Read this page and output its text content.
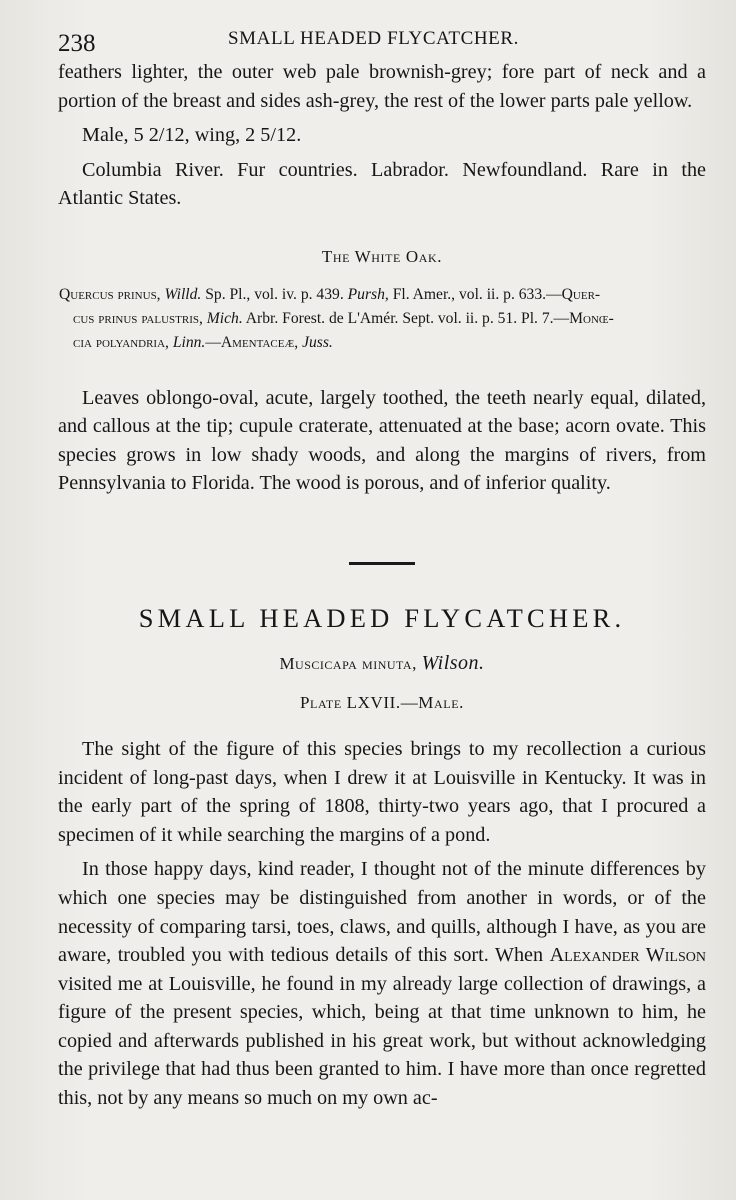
238	SMALL HEADED FLYCATCHER.

feathers lighter, the outer web pale brownish-grey; fore part of neck and a portion of the breast and sides ash-grey, the rest of the lower parts pale yellow.

Male, 5 2/12, wing, 2 5/12.

Columbia River. Fur countries. Labrador. Newfoundland. Rare in the Atlantic States.

The White Oak.
Quercus prinus, Willd. Sp. Pl., vol. iv. p. 439. Pursh, Fl. Amer., vol. ii. p. 633.—Quer-
cus prinus palustris, Mich. Arbr. Forest. de L'Amér. Sept. vol. ii. p. 51. Pl. 7.—Monœ-
cia polyandria, Linn.—Amentaceæ, Juss.

Leaves oblongo-oval, acute, largely toothed, the teeth nearly equal, dilated, and callous at the tip; cupule craterate, attenuated at the base; acorn ovate. This species grows in low shady woods, and along the margins of rivers, from Pennsylvania to Florida. The wood is porous, and of inferior quality.

SMALL HEADED FLYCATCHER.
Muscicapa minuta, Wilson.
Plate LXVII.—Male.

The sight of the figure of this species brings to my recollection a curious incident of long-past days, when I drew it at Louisville in Kentucky. It was in the early part of the spring of 1808, thirty-two years ago, that I procured a specimen of it while searching the margins of a pond.

In those happy days, kind reader, I thought not of the minute differences by which one species may be distinguished from another in words, or of the necessity of comparing tarsi, toes, claws, and quills, although I have, as you are aware, troubled you with tedious details of this sort. When Alexander Wilson visited me at Louisville, he found in my already large collection of drawings, a figure of the present species, which, being at that time unknown to him, he copied and afterwards published in his great work, but without acknowledging the privilege that had thus been granted to him. I have more than once regretted this, not by any means so much on my own ac-
